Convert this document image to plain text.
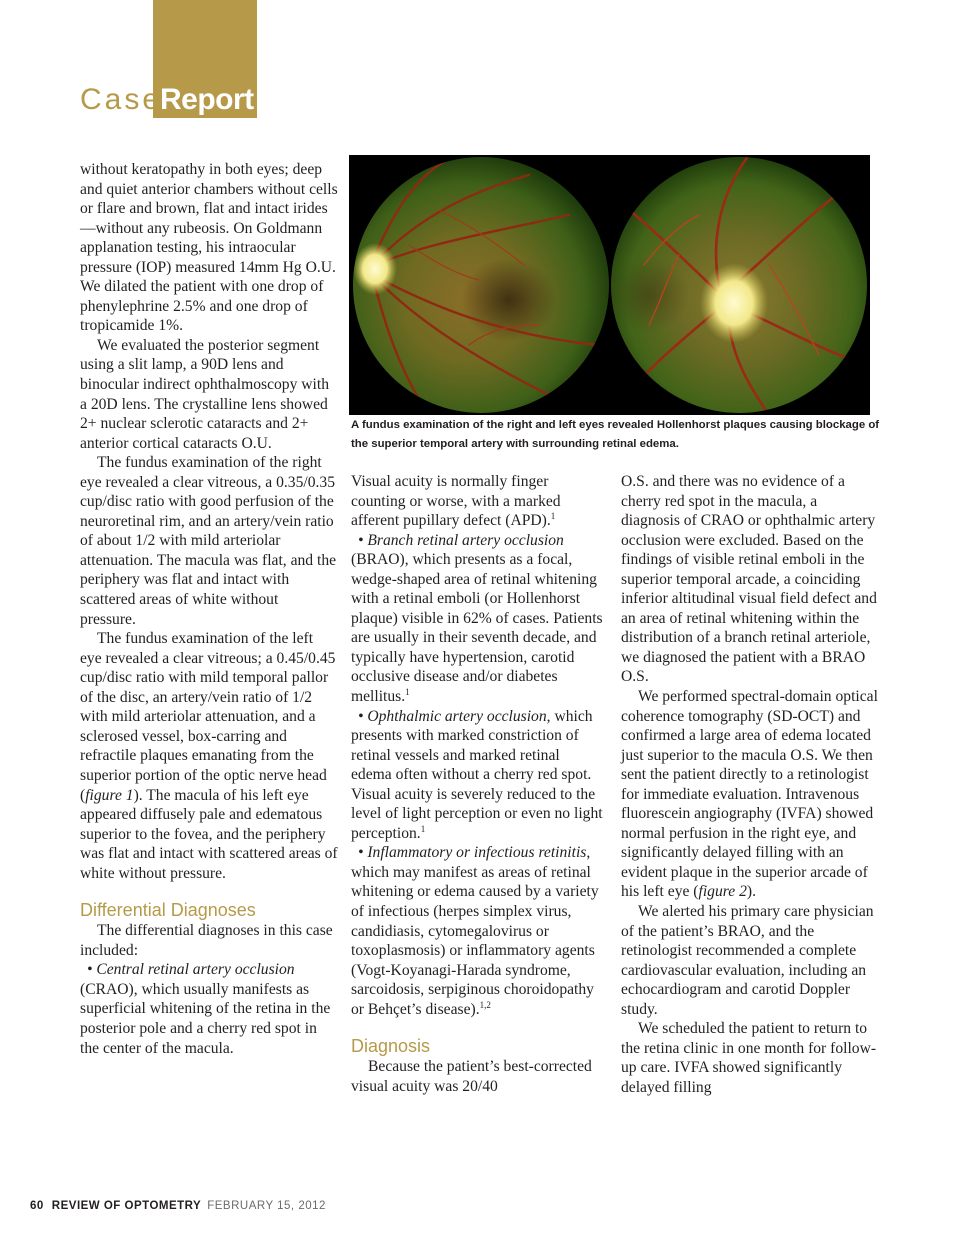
Case
Report

without keratopathy in both eyes; deep and quiet anterior chambers without cells or flare and brown, flat and intact irides—without any rubeosis. On Goldmann applanation testing, his intraocular pressure (IOP) measured 14mm Hg O.U. We dilated the patient with one drop of phenylephrine 2.5% and one drop of tropicamide 1%.

We evaluated the posterior segment using a slit lamp, a 90D lens and binocular indirect ophthalmoscopy with a 20D lens. The crystalline lens showed 2+ nuclear sclerotic cataracts and 2+ anterior cortical cataracts O.U.

The fundus examination of the right eye revealed a clear vitreous, a 0.35/0.35 cup/disc ratio with good perfusion of the neuroretinal rim, and an artery/vein ratio of about 1/2 with mild arteriolar attenuation. The macula was flat, and the periphery was flat and intact with scattered areas of white without pressure.

The fundus examination of the left eye revealed a clear vitreous; a 0.45/0.45 cup/disc ratio with mild temporal pallor of the disc, an artery/vein ratio of 1/2 with mild arteriolar attenuation, and a sclerosed vessel, box-carring and refractile plaques emanating from the superior portion of the optic nerve head (figure 1). The macula of his left eye appeared diffusely pale and edematous superior to the fovea, and the periphery was flat and intact with scattered areas of white without pressure.

Differential Diagnoses

The differential diagnoses in this case included:

• Central retinal artery occlusion (CRAO), which usually manifests as superficial whitening of the retina in the posterior pole and a cherry red spot in the center of the macula.

A fundus examination of the right and left eyes revealed Hollenhorst plaques causing blockage of the superior temporal artery with surrounding retinal edema.

Visual acuity is normally finger counting or worse, with a marked afferent pupillary defect (APD).$^1$

• Branch retinal artery occlusion (BRAO), which presents as a focal, wedge-shaped area of retinal whitening with a retinal emboli (or Hollenhorst plaque) visible in 62% of cases. Patients are usually in their seventh decade, and typically have hypertension, carotid occlusive disease and/or diabetes mellitus.$^1$

• Ophthalmic artery occlusion, which presents with marked constriction of retinal vessels and marked retinal edema often without a cherry red spot. Visual acuity is severely reduced to the level of light perception or even no light perception.$^1$

• Inflammatory or infectious retinitis, which may manifest as areas of retinal whitening or edema caused by a variety of infectious (herpes simplex virus, candidiasis, cytomegalovirus or toxoplasmosis) or inflammatory agents (Vogt-Koyanagi-Harada syndrome, sarcoidosis, serpiginous choroidopathy or Behçet’s disease).$^{1,2}$

Diagnosis

Because the patient’s best-corrected visual acuity was 20/40

O.S. and there was no evidence of a cherry red spot in the macula, a diagnosis of CRAO or ophthalmic artery occlusion were excluded. Based on the findings of visible retinal emboli in the superior temporal arcade, a coinciding inferior altitudinal visual field defect and an area of retinal whitening within the distribution of a branch retinal arteriole, we diagnosed the patient with a BRAO O.S.

We performed spectral-domain optical coherence tomography (SD-OCT) and confirmed a large area of edema located just superior to the macula O.S. We then sent the patient directly to a retinologist for immediate evaluation. Intravenous fluorescein angiography (IVFA) showed normal perfusion in the right eye, and significantly delayed filling with an evident plaque in the superior arcade of his left eye (figure 2).

We alerted his primary care physician of the patient’s BRAO, and the retinologist recommended a complete cardiovascular evaluation, including an echocardiogram and carotid Doppler study.

We scheduled the patient to return to the retina clinic in one month for follow-up care. IVFA showed significantly delayed filling

60 REVIEW OF OPTOMETRY FEBRUARY 15, 2012
